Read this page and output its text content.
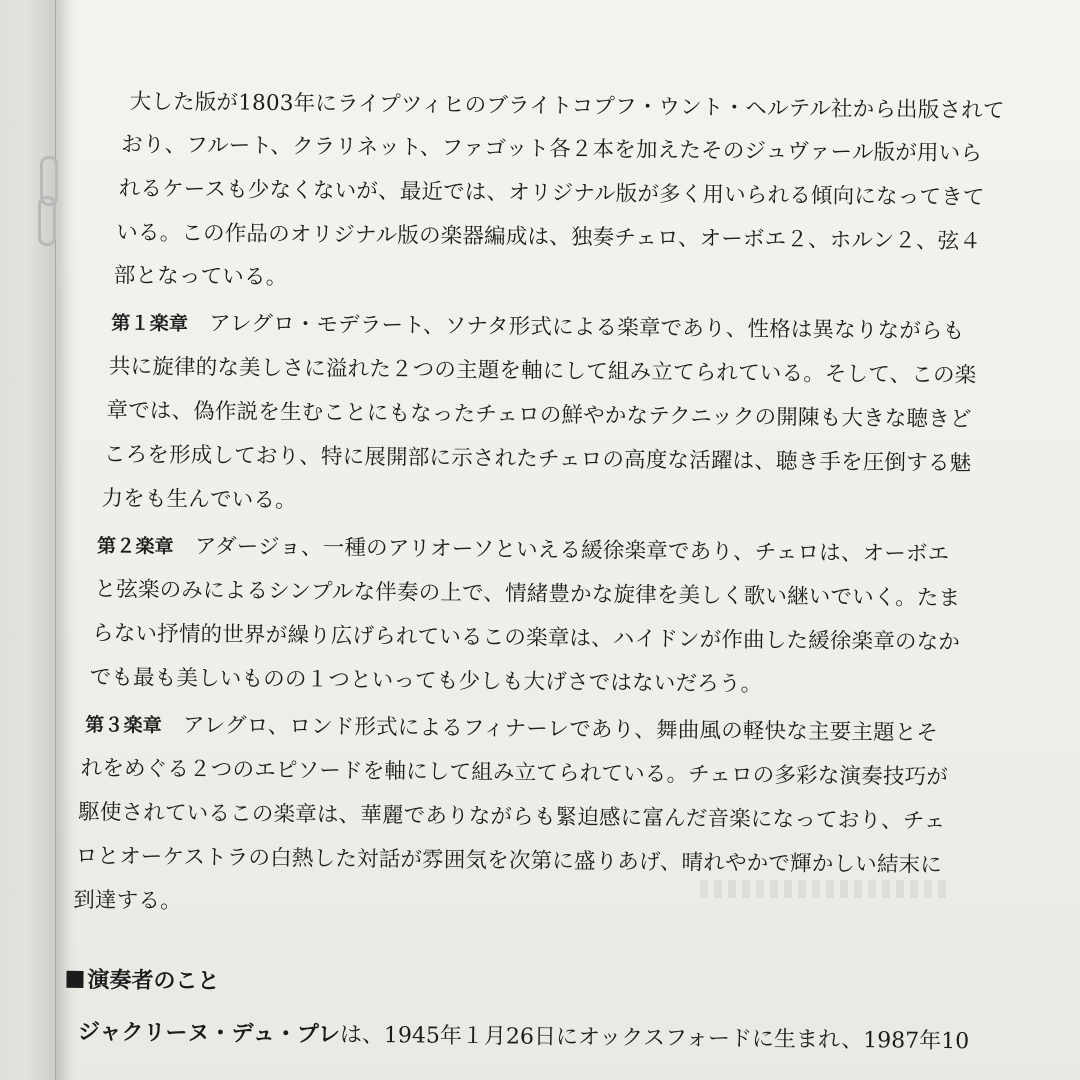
大した版が1803年にライプツィヒのブライトコプフ・ウント・ヘルテル社から出版されて
おり、フルート、クラリネット、ファゴット各２本を加えたそのジュヴァール版が用いら
れるケースも少なくないが、最近では、オリジナル版が多く用いられる傾向になってきて
いる。この作品のオリジナル版の楽器編成は、独奏チェロ、オーボエ２、ホルン２、弦４
部となっている。
第１楽章 アレグロ・モデラート、ソナタ形式による楽章であり、性格は異なりながらも
共に旋律的な美しさに溢れた２つの主題を軸にして組み立てられている。そして、この楽
章では、偽作説を生むことにもなったチェロの鮮やかなテクニックの開陳も大きな聴きど
ころを形成しており、特に展開部に示されたチェロの高度な活躍は、聴き手を圧倒する魅
力をも生んでいる。
第２楽章 アダージョ、一種のアリオーソといえる緩徐楽章であり、チェロは、オーボエ
と弦楽のみによるシンプルな伴奏の上で、情緒豊かな旋律を美しく歌い継いでいく。たま
らない抒情的世界が繰り広げられているこの楽章は、ハイドンが作曲した緩徐楽章のなか
でも最も美しいものの１つといっても少しも大げさではないだろう。
第３楽章 アレグロ、ロンド形式によるフィナーレであり、舞曲風の軽快な主要主題とそ
れをめぐる２つのエピソードを軸にして組み立てられている。チェロの多彩な演奏技巧が
駆使されているこの楽章は、華麗でありながらも緊迫感に富んだ音楽になっており、チェ
ロとオーケストラの白熱した対話が雰囲気を次第に盛りあげ、晴れやかで輝かしい結末に
到達する。
演奏者のこと
ジャクリーヌ・デュ・プレは、1945年１月26日にオックスフォードに生まれ、1987年10
